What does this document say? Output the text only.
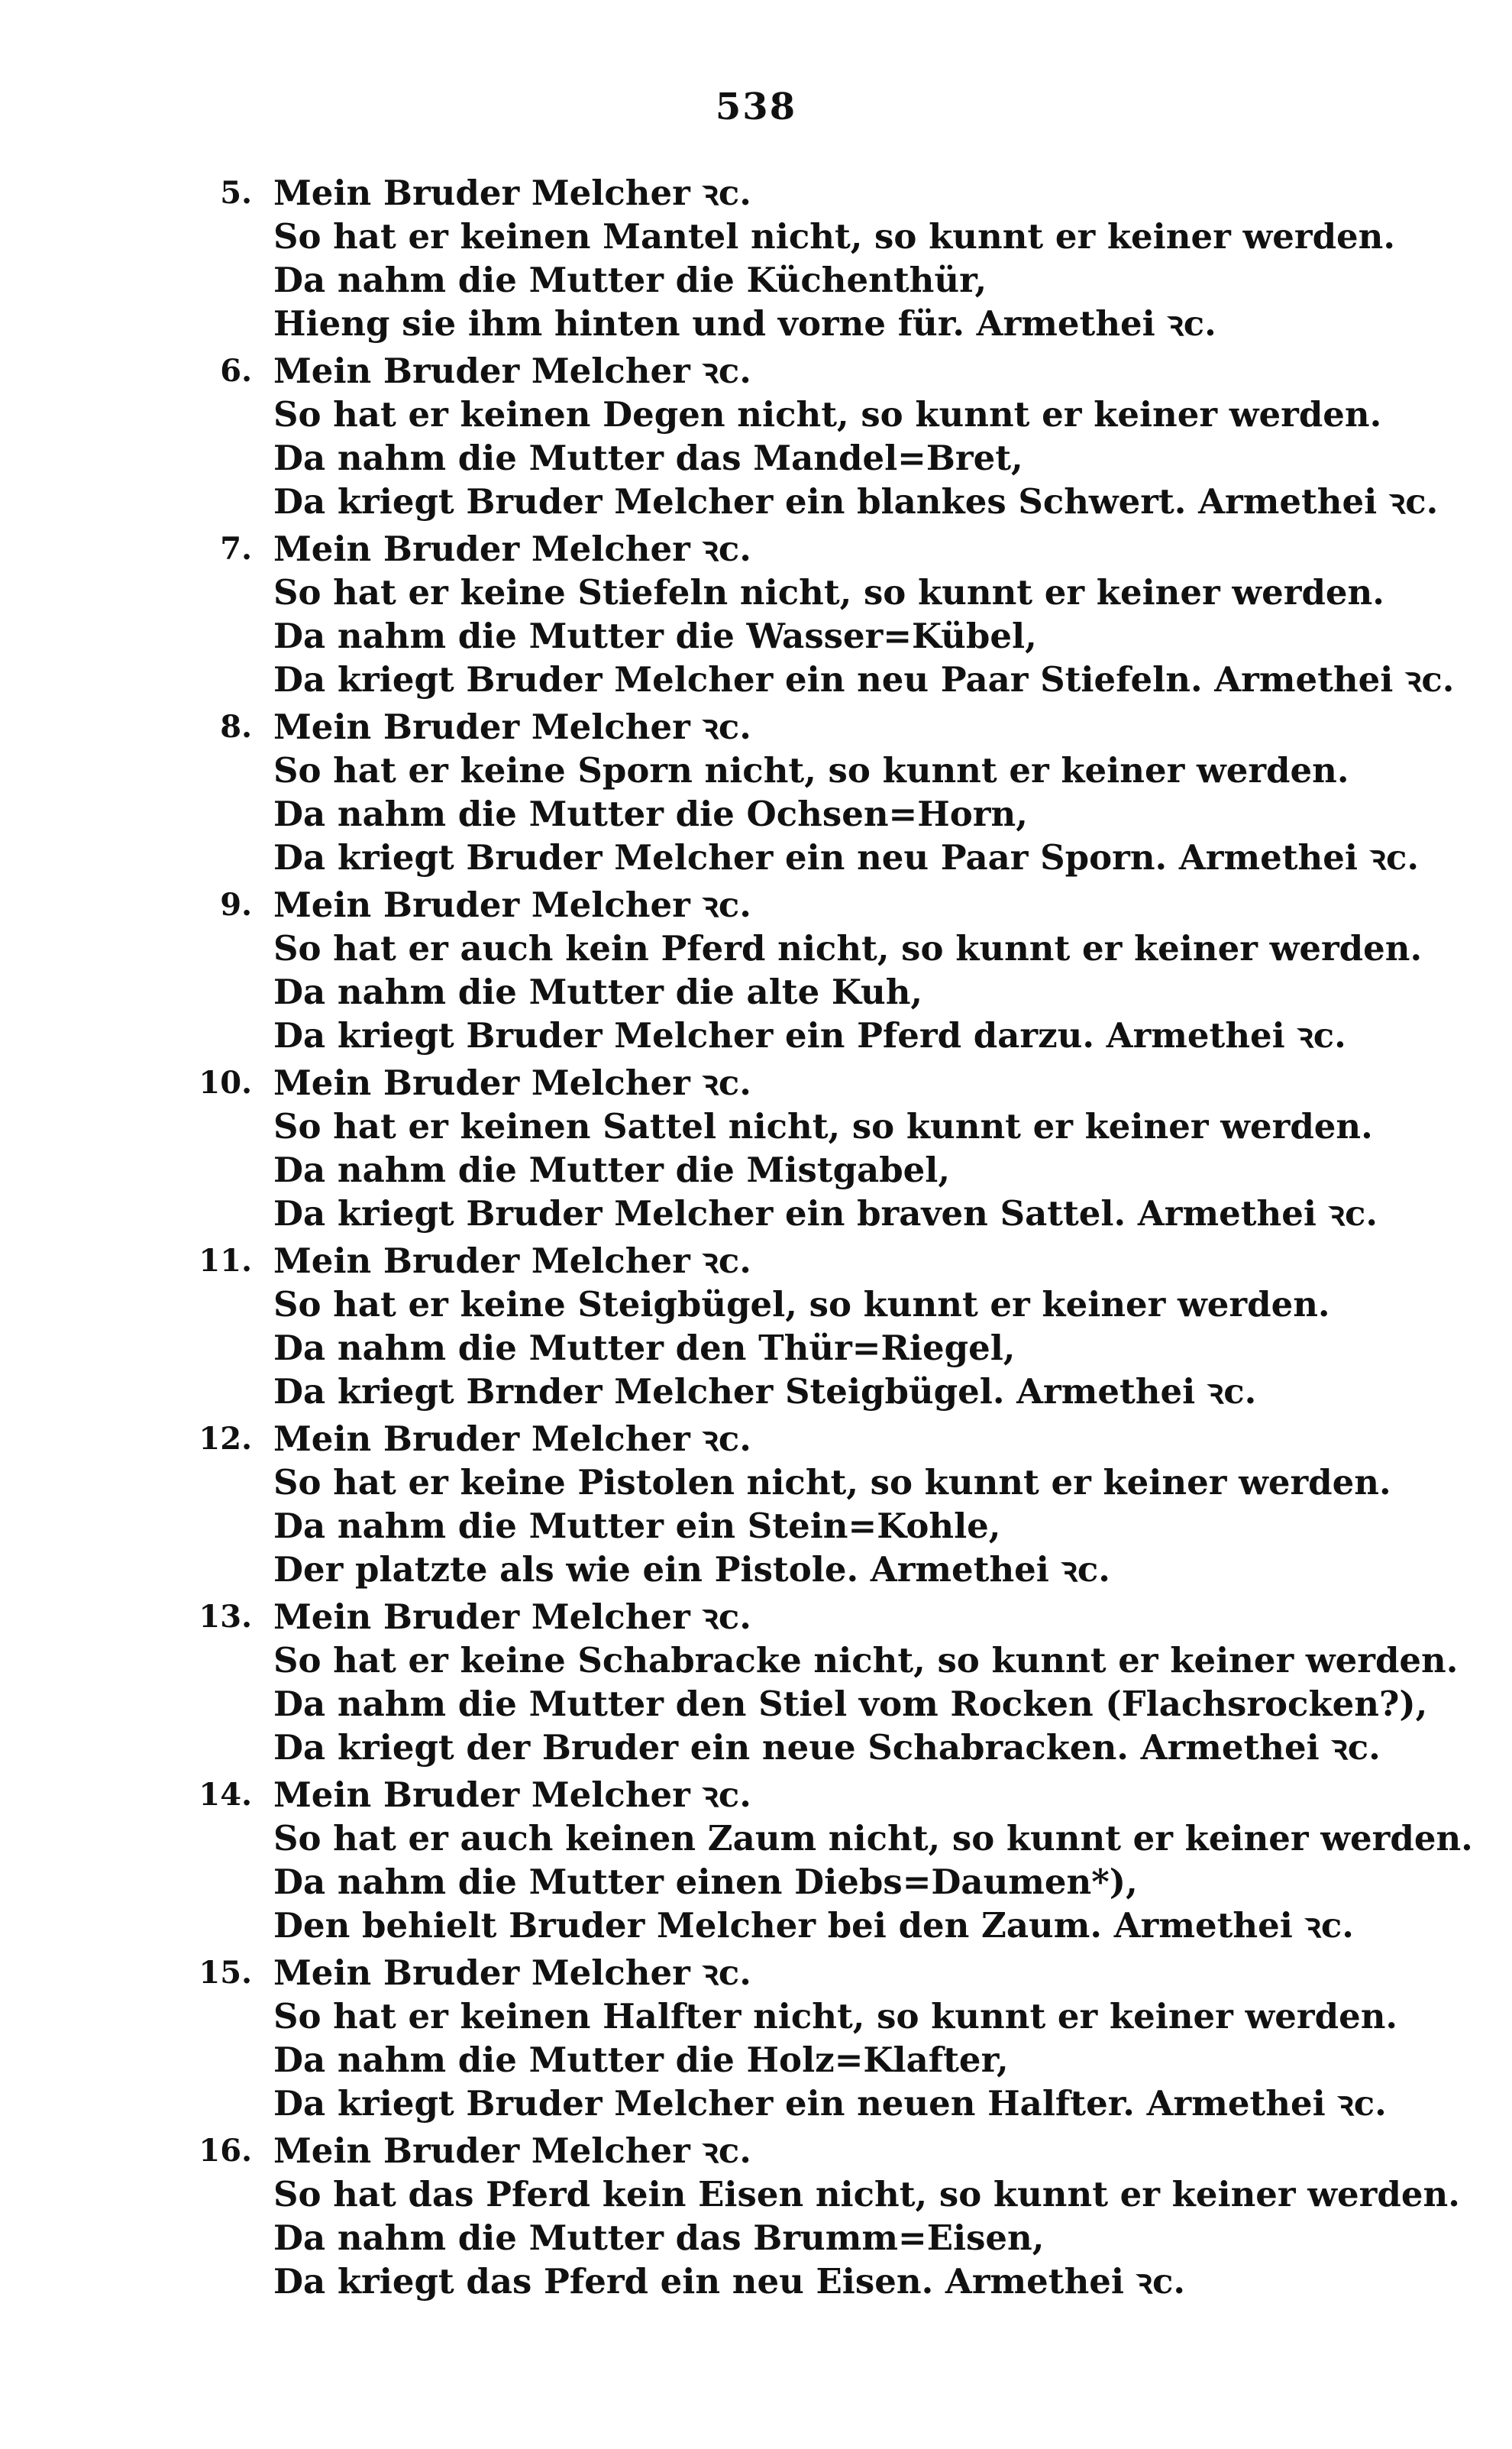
538
5. Mein Bruder Melcher ꝛc.
So hat er keinen Mantel nicht, so kunnt er keiner werden.
Da nahm die Mutter die Küchenthür,
Hieng sie ihm hinten und vorne für. Armethei ꝛc.
6. Mein Bruder Melcher ꝛc.
So hat er keinen Degen nicht, so kunnt er keiner werden.
Da nahm die Mutter das Mandel=Bret,
Da kriegt Bruder Melcher ein blankes Schwert. Armethei ꝛc.
7. Mein Bruder Melcher ꝛc.
So hat er keine Stiefeln nicht, so kunnt er keiner werden.
Da nahm die Mutter die Wasser=Kübel,
Da kriegt Bruder Melcher ein neu Paar Stiefeln. Armethei ꝛc.
8. Mein Bruder Melcher ꝛc.
So hat er keine Sporn nicht, so kunnt er keiner werden.
Da nahm die Mutter die Ochsen=Horn,
Da kriegt Bruder Melcher ein neu Paar Sporn. Armethei ꝛc.
9. Mein Bruder Melcher ꝛc.
So hat er auch kein Pferd nicht, so kunnt er keiner werden.
Da nahm die Mutter die alte Kuh,
Da kriegt Bruder Melcher ein Pferd darzu. Armethei ꝛc.
10. Mein Bruder Melcher ꝛc.
So hat er keinen Sattel nicht, so kunnt er keiner werden.
Da nahm die Mutter die Mistgabel,
Da kriegt Bruder Melcher ein braven Sattel. Armethei ꝛc.
11. Mein Bruder Melcher ꝛc.
So hat er keine Steigbügel, so kunnt er keiner werden.
Da nahm die Mutter den Thür=Riegel,
Da kriegt Brnder Melcher Steigbügel. Armethei ꝛc.
12. Mein Bruder Melcher ꝛc.
So hat er keine Pistolen nicht, so kunnt er keiner werden.
Da nahm die Mutter ein Stein=Kohle,
Der platzte als wie ein Pistole. Armethei ꝛc.
13. Mein Bruder Melcher ꝛc.
So hat er keine Schabracke nicht, so kunnt er keiner werden.
Da nahm die Mutter den Stiel vom Rocken (Flachsrocken?),
Da kriegt der Bruder ein neue Schabracken. Armethei ꝛc.
14. Mein Bruder Melcher ꝛc.
So hat er auch keinen Zaum nicht, so kunnt er keiner werden.
Da nahm die Mutter einen Diebs=Daumen*),
Den behielt Bruder Melcher bei den Zaum. Armethei ꝛc.
15. Mein Bruder Melcher ꝛc.
So hat er keinen Halfter nicht, so kunnt er keiner werden.
Da nahm die Mutter die Holz=Klafter,
Da kriegt Bruder Melcher ein neuen Halfter. Armethei ꝛc.
16. Mein Bruder Melcher ꝛc.
So hat das Pferd kein Eisen nicht, so kunnt er keiner werden.
Da nahm die Mutter das Brumm=Eisen,
Da kriegt das Pferd ein neu Eisen. Armethei ꝛc.
